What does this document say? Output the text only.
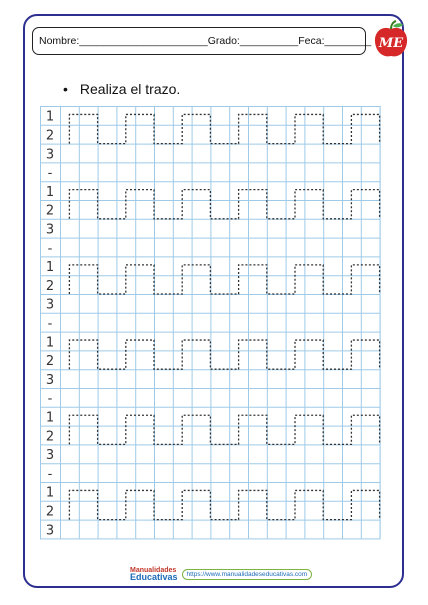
Nombre:______________________Grado:__________Feca:________ ME
• Realiza el trazo.
1
2
3
-
1
2
3
-
1
2
3
-
1
2
3
-
1
2
3
-
1
2
3
Manualidades
Educativas https://www.manualidadeseducativas.com
